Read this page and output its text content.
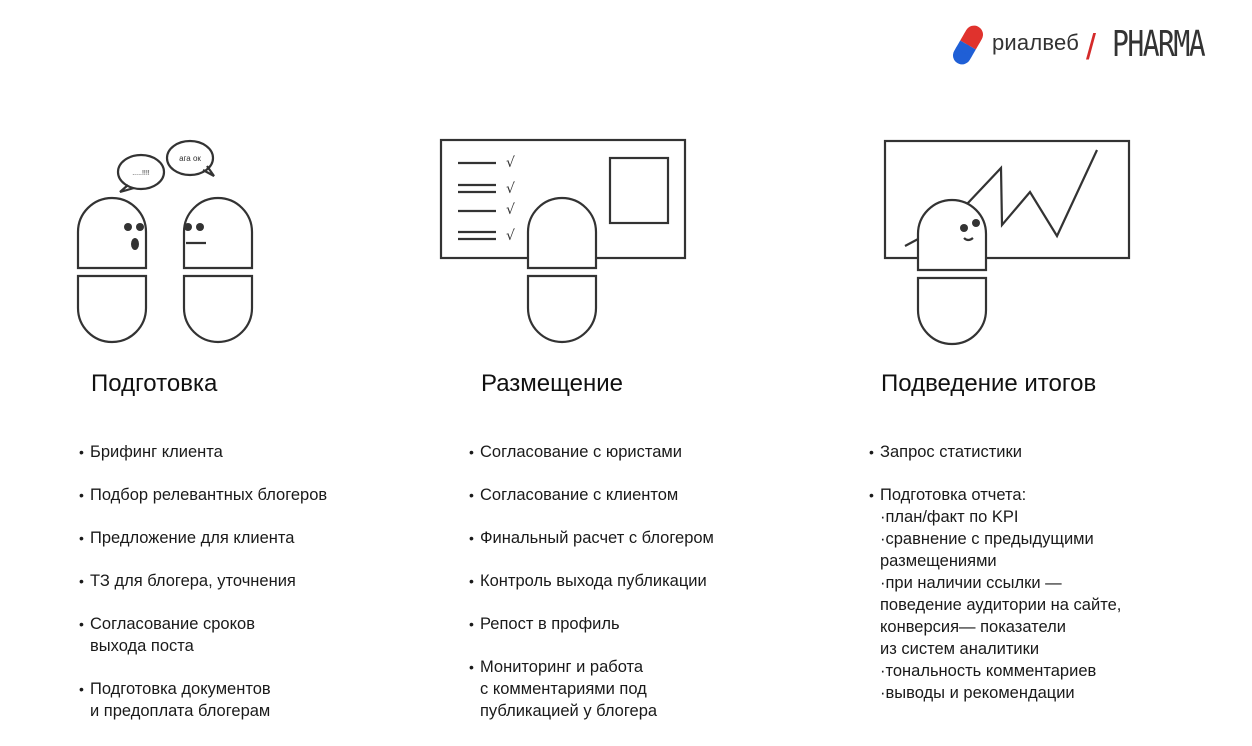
риалвеб / PHARMA
.....!!!!
ага ок	√
√
√
√
Подготовка
• Брифинг клиента
• Подбор релевантных блогеров
• Предложение для клиента
• ТЗ для блогера, уточнения
• Согласование сроков
выхода поста
• Подготовка документов
и предоплата блогерам
Размещение
• Согласование с юристами
• Согласование с клиентом
• Финальный расчет с блогером
• Контроль выхода публикации
• Репост в профиль
• Мониторинг и работа
с комментариями под
публикацией у блогера
Подведение итогов
• Запрос статистики
• Подготовка отчета:
·план/факт по KPI
·сравнение с предыдущими
размещениями
·при наличии ссылки —
поведение аудитории на сайте,
конверсия— показатели
из систем аналитики
·тональность комментариев
·выводы и рекомендации
